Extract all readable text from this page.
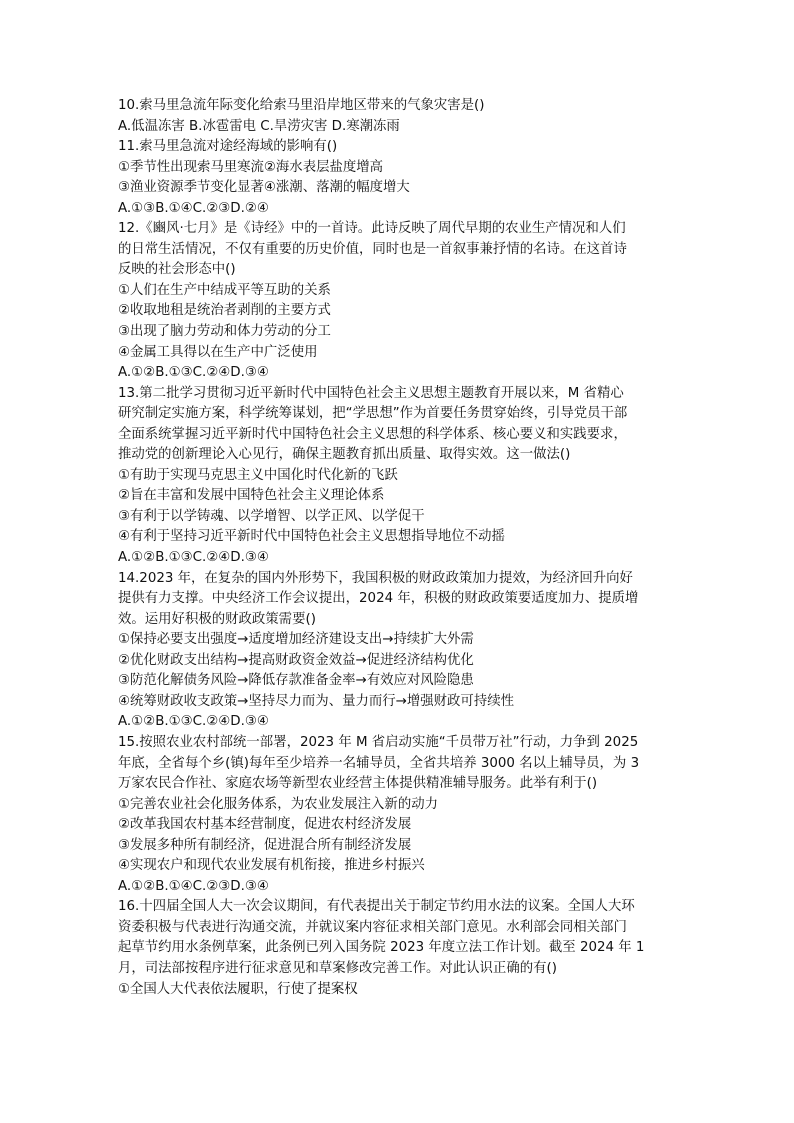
10.索马里急流年际变化给索马里沿岸地区带来的气象灾害是()
A.低温冻害 B.冰雹雷电 C.旱涝灾害 D.寒潮冻雨
11.索马里急流对途经海域的影响有()
①季节性出现索马里寒流②海水表层盐度增高
③渔业资源季节变化显著④涨潮、落潮的幅度增大
A.①③B.①④C.②③D.②④
12.《豳风·七月》是《诗经》中的一首诗。此诗反映了周代早期的农业生产情况和人们
的日常生活情况，不仅有重要的历史价值，同时也是一首叙事兼抒情的名诗。在这首诗
反映的社会形态中()
①人们在生产中结成平等互助的关系
②收取地租是统治者剥削的主要方式
③出现了脑力劳动和体力劳动的分工
④金属工具得以在生产中广泛使用
A.①②B.①③C.②④D.③④
13.第二批学习贯彻习近平新时代中国特色社会主义思想主题教育开展以来，M 省精心
研究制定实施方案，科学统筹谋划，把“学思想”作为首要任务贯穿始终，引导党员干部
全面系统掌握习近平新时代中国特色社会主义思想的科学体系、核心要义和实践要求，
推动党的创新理论入心见行，确保主题教育抓出质量、取得实效。这一做法()
①有助于实现马克思主义中国化时代化新的飞跃
②旨在丰富和发展中国特色社会主义理论体系
③有利于以学铸魂、以学增智、以学正风、以学促干
④有利于坚持习近平新时代中国特色社会主义思想指导地位不动摇
A.①②B.①③C.②④D.③④
14.2023 年，在复杂的国内外形势下，我国积极的财政政策加力提效，为经济回升向好
提供有力支撑。中央经济工作会议提出，2024 年，积极的财政政策要适度加力、提质增
效。运用好积极的财政政策需要()
①保持必要支出强度→适度增加经济建设支出→持续扩大外需
②优化财政支出结构→提高财政资金效益→促进经济结构优化
③防范化解债务风险→降低存款准备金率→有效应对风险隐患
④统筹财政收支政策→坚持尽力而为、量力而行→增强财政可持续性
A.①②B.①③C.②④D.③④
15.按照农业农村部统一部署，2023 年 M 省启动实施“千员带万社”行动，力争到 2025
年底，全省每个乡(镇)每年至少培养一名辅导员，全省共培养 3000 名以上辅导员，为 3
万家农民合作社、家庭农场等新型农业经营主体提供精准辅导服务。此举有利于()
①完善农业社会化服务体系，为农业发展注入新的动力
②改革我国农村基本经营制度，促进农村经济发展
③发展多种所有制经济，促进混合所有制经济发展
④实现农户和现代农业发展有机衔接，推进乡村振兴
A.①②B.①④C.②③D.③④
16.十四届全国人大一次会议期间，有代表提出关于制定节约用水法的议案。全国人大环
资委积极与代表进行沟通交流，并就议案内容征求相关部门意见。水利部会同相关部门
起草节约用水条例草案，此条例已列入国务院 2023 年度立法工作计划。截至 2024 年 1
月，司法部按程序进行征求意见和草案修改完善工作。对此认识正确的有()
①全国人大代表依法履职，行使了提案权
